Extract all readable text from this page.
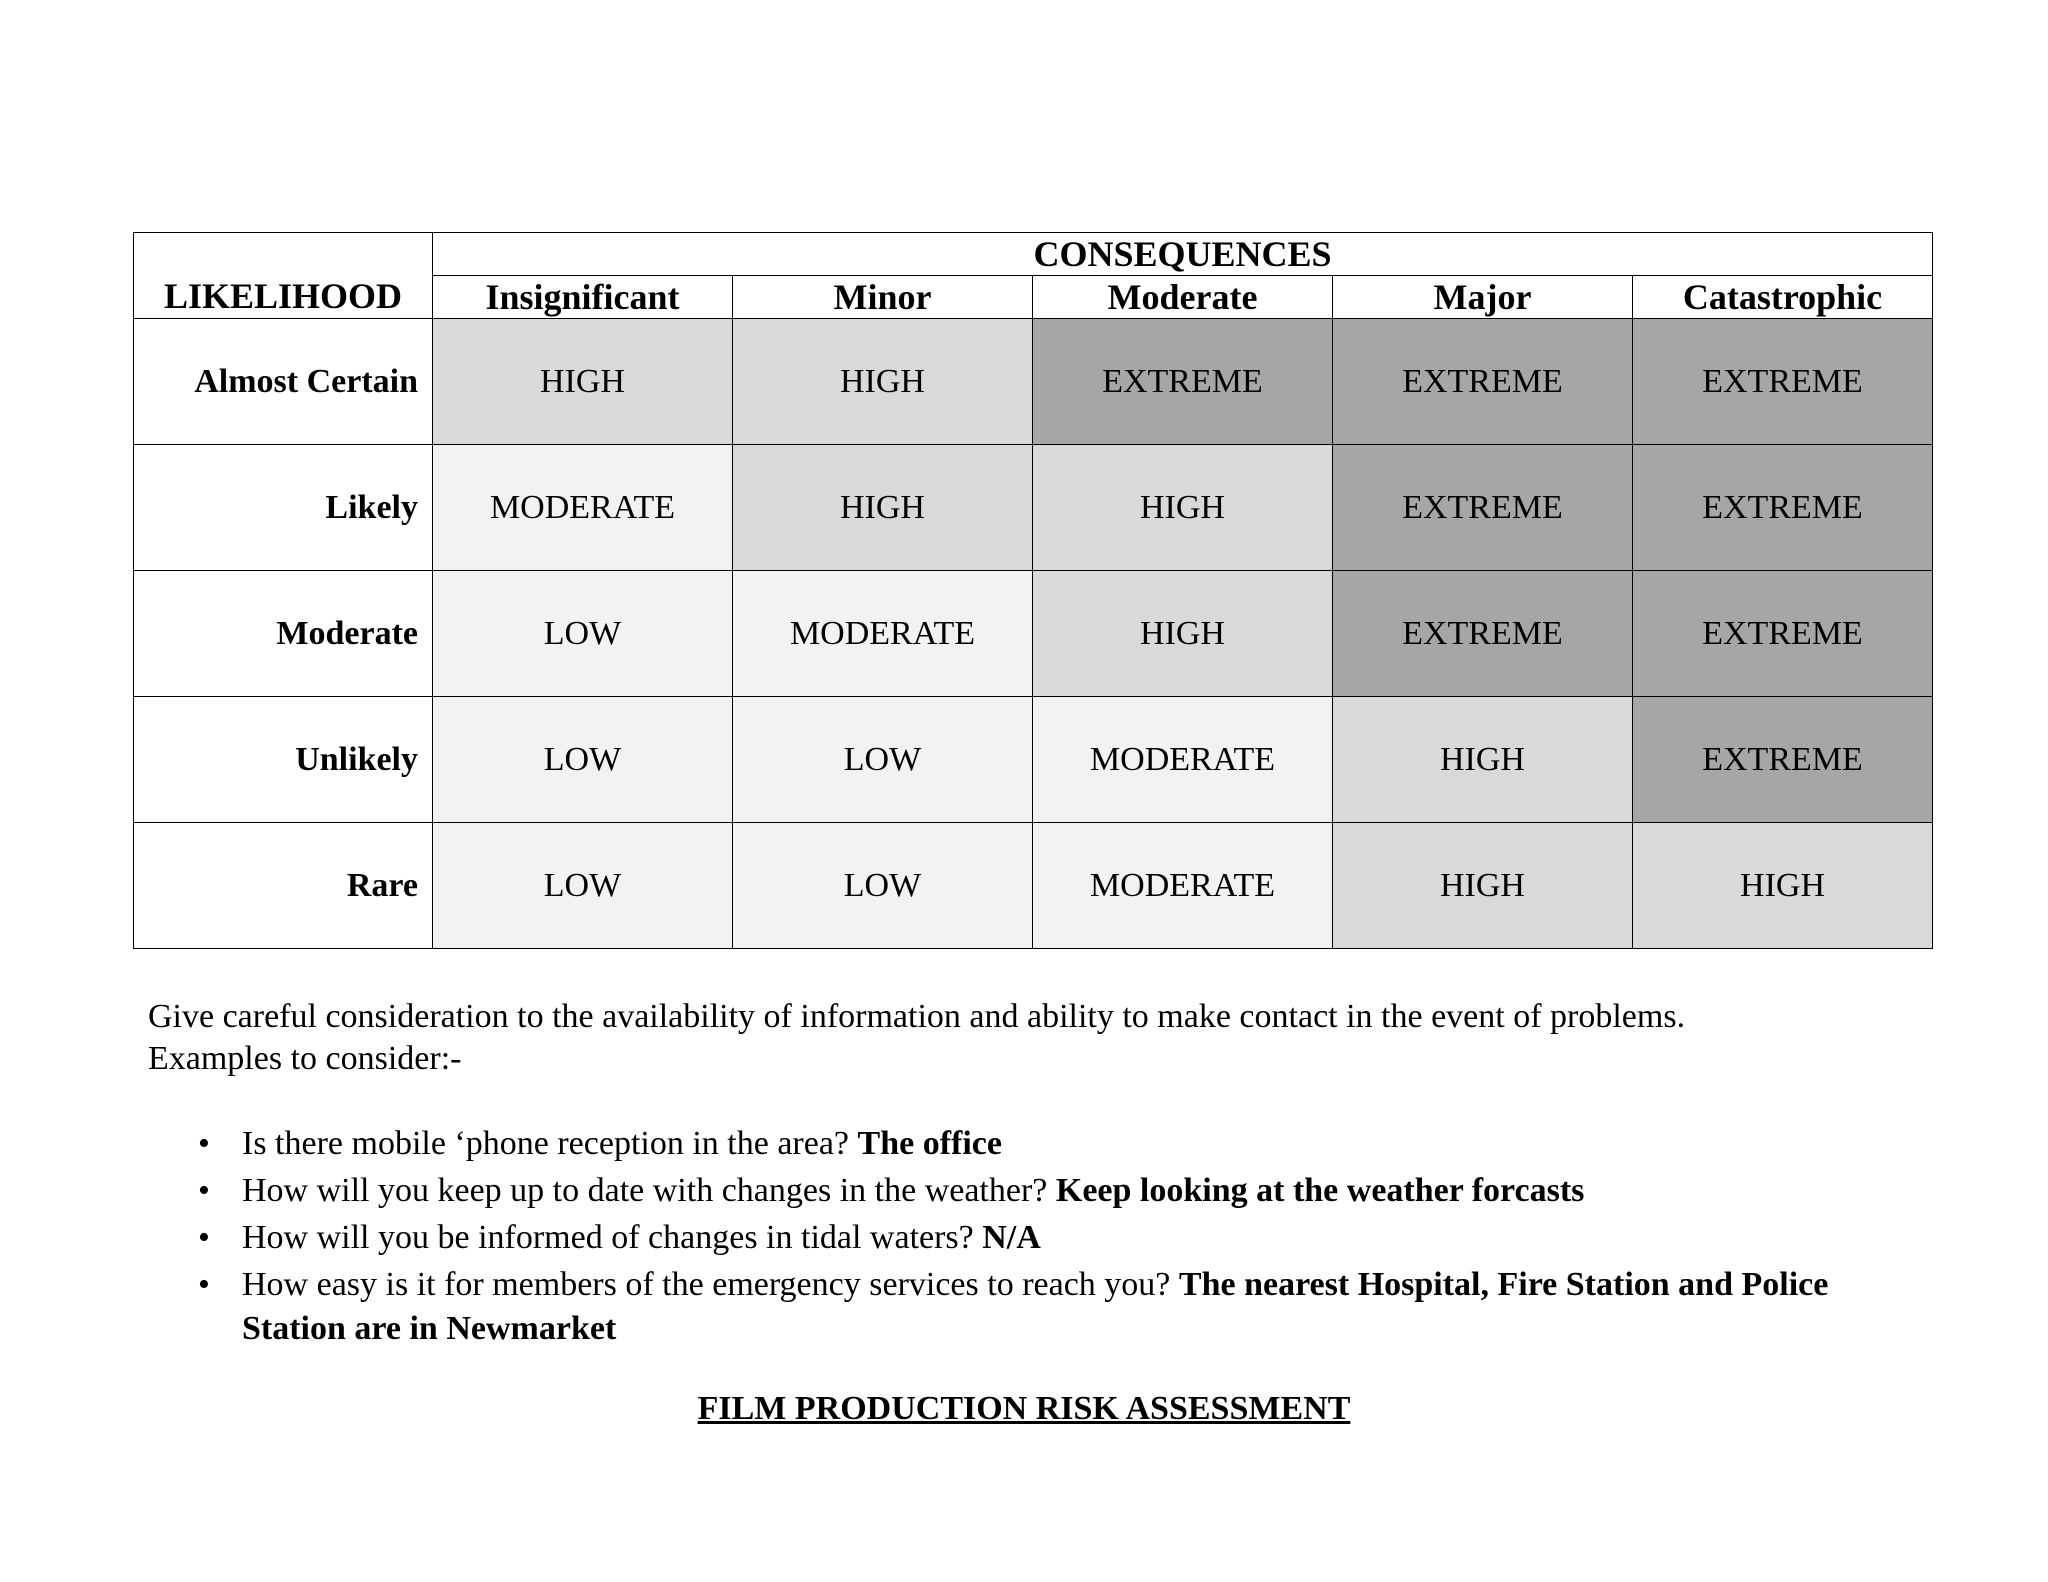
LIKELIHOOD	CONSEQUENCES				
	Insignificant	Minor	Moderate	Major	Catastrophic
Almost Certain	HIGH	HIGH	EXTREME	EXTREME	EXTREME
Likely	MODERATE	HIGH	HIGH	EXTREME	EXTREME
Moderate	LOW	MODERATE	HIGH	EXTREME	EXTREME
Unlikely	LOW	LOW	MODERATE	HIGH	EXTREME
Rare	LOW	LOW	MODERATE	HIGH	HIGH

Give careful consideration to the availability of information and ability to make contact in the event of problems.

Examples to consider:-

• Is there mobile ‘phone reception in the area? The office
• How will you keep up to date with changes in the weather? Keep looking at the weather forcasts
• How will you be informed of changes in tidal waters? N/A
• How easy is it for members of the emergency services to reach you? The nearest Hospital, Fire Station and Police Station are in Newmarket
FILM PRODUCTION RISK ASSESSMENT
